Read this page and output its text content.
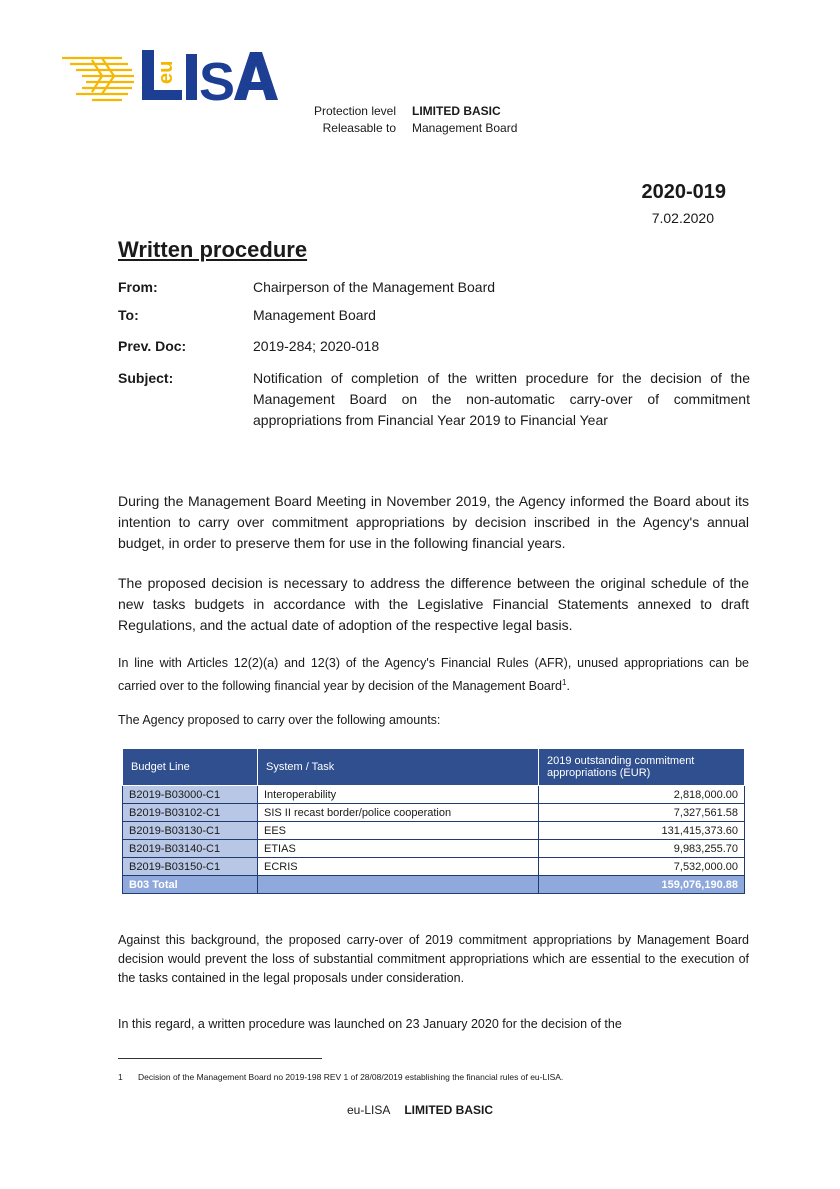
eu S	Protection level LIMITED BASIC
Releasable to Management Board
2020-019
7.02.2020
Written procedure
From:	Chairperson of the Management Board
To:	Management Board
Prev. Doc:	2019-284; 2020-018
Subject:	Notification of completion of the written procedure for the decision of the Management Board on the non-automatic carry-over of commitment appropriations from Financial Year 2019 to Financial Year
During the Management Board Meeting in November 2019, the Agency informed the Board about its intention to carry over commitment appropriations by decision inscribed in the Agency's annual budget, in order to preserve them for use in the following financial years.
The proposed decision is necessary to address the difference between the original schedule of the new tasks budgets in accordance with the Legislative Financial Statements annexed to draft Regulations, and the actual date of adoption of the respective legal basis.
In line with Articles 12(2)(a) and 12(3) of the Agency's Financial Rules (AFR), unused appropriations can be carried over to the following financial year by decision of the Management Board$^1$.
The Agency proposed to carry over the following amounts:
Budget Line	System / Task	2019 outstanding commitment appropriations (EUR)
B2019-B03000-C1	Interoperability	2,818,000.00
B2019-B03102-C1	SIS II recast border/police cooperation	7,327,561.58
B2019-B03130-C1	EES	131,415,373.60
B2019-B03140-C1	ETIAS	9,983,255.70
B2019-B03150-C1	ECRIS	7,532,000.00
B03 Total		159,076,190.88
Against this background, the proposed carry-over of 2019 commitment appropriations by Management Board decision would prevent the loss of substantial commitment appropriations which are essential to the execution of the tasks contained in the legal proposals under consideration.
In this regard, a written procedure was launched on 23 January 2020 for the decision of the
1 Decision of the Management Board no 2019-198 REV 1 of 28/08/2019 establishing the financial rules of eu-LISA.
eu-LISA LIMITED BASIC
